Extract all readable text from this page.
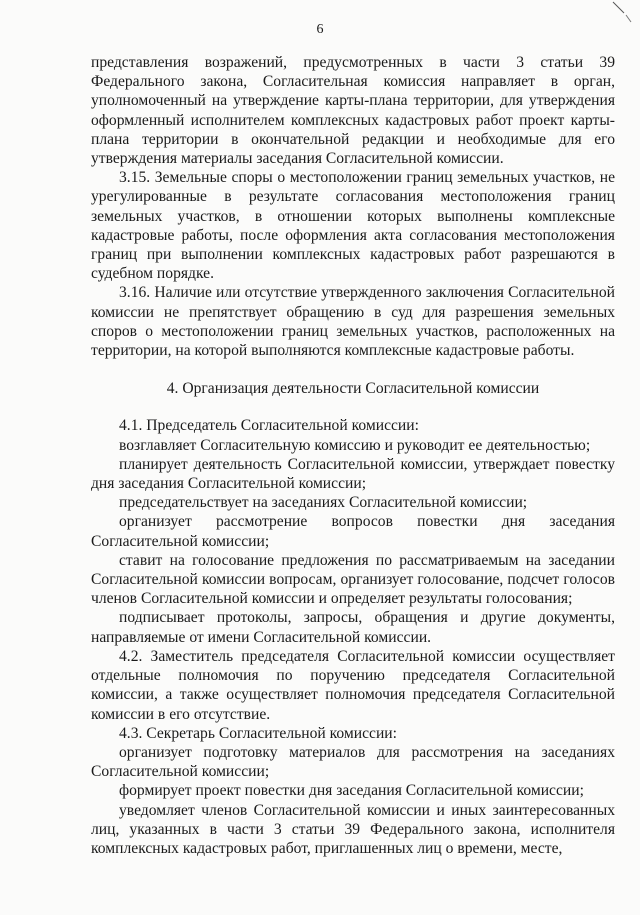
6

представления возражений, предусмотренных в части 3 статьи 39 Федерального закона, Согласительная комиссия направляет в орган, уполномоченный на утверждение карты-плана территории, для утверждения оформленный исполнителем комплексных кадастровых работ проект карты-плана территории в окончательной редакции и необходимые для его утверждения материалы заседания Согласительной комиссии.

3.15. Земельные споры о местоположении границ земельных участков, не урегулированные в результате согласования местоположения границ земельных участков, в отношении которых выполнены комплексные кадастровые работы, после оформления акта согласования местоположения границ при выполнении комплексных кадастровых работ разрешаются в судебном порядке.

3.16. Наличие или отсутствие утвержденного заключения Согласительной комиссии не препятствует обращению в суд для разрешения земельных споров о местоположении границ земельных участков, расположенных на территории, на которой выполняются комплексные кадастровые работы.

4. Организация деятельности Согласительной комиссии

4.1. Председатель Согласительной комиссии:

возглавляет Согласительную комиссию и руководит ее деятельностью;

планирует деятельность Согласительной комиссии, утверждает повестку дня заседания Согласительной комиссии;

председательствует на заседаниях Согласительной комиссии;

организует рассмотрение вопросов повестки дня заседания Согласительной комиссии;

ставит на голосование предложения по рассматриваемым на заседании Согласительной комиссии вопросам, организует голосование, подсчет голосов членов Согласительной комиссии и определяет результаты голосования;

подписывает протоколы, запросы, обращения и другие документы, направляемые от имени Согласительной комиссии.

4.2. Заместитель председателя Согласительной комиссии осуществляет отдельные полномочия по поручению председателя Согласительной комиссии, а также осуществляет полномочия председателя Согласительной комиссии в его отсутствие.

4.3. Секретарь Согласительной комиссии:

организует подготовку материалов для рассмотрения на заседаниях Согласительной комиссии;

формирует проект повестки дня заседания Согласительной комиссии;

уведомляет членов Согласительной комиссии и иных заинтересованных лиц, указанных в части 3 статьи 39 Федерального закона, исполнителя комплексных кадастровых работ, приглашенных лиц о времени, месте,
